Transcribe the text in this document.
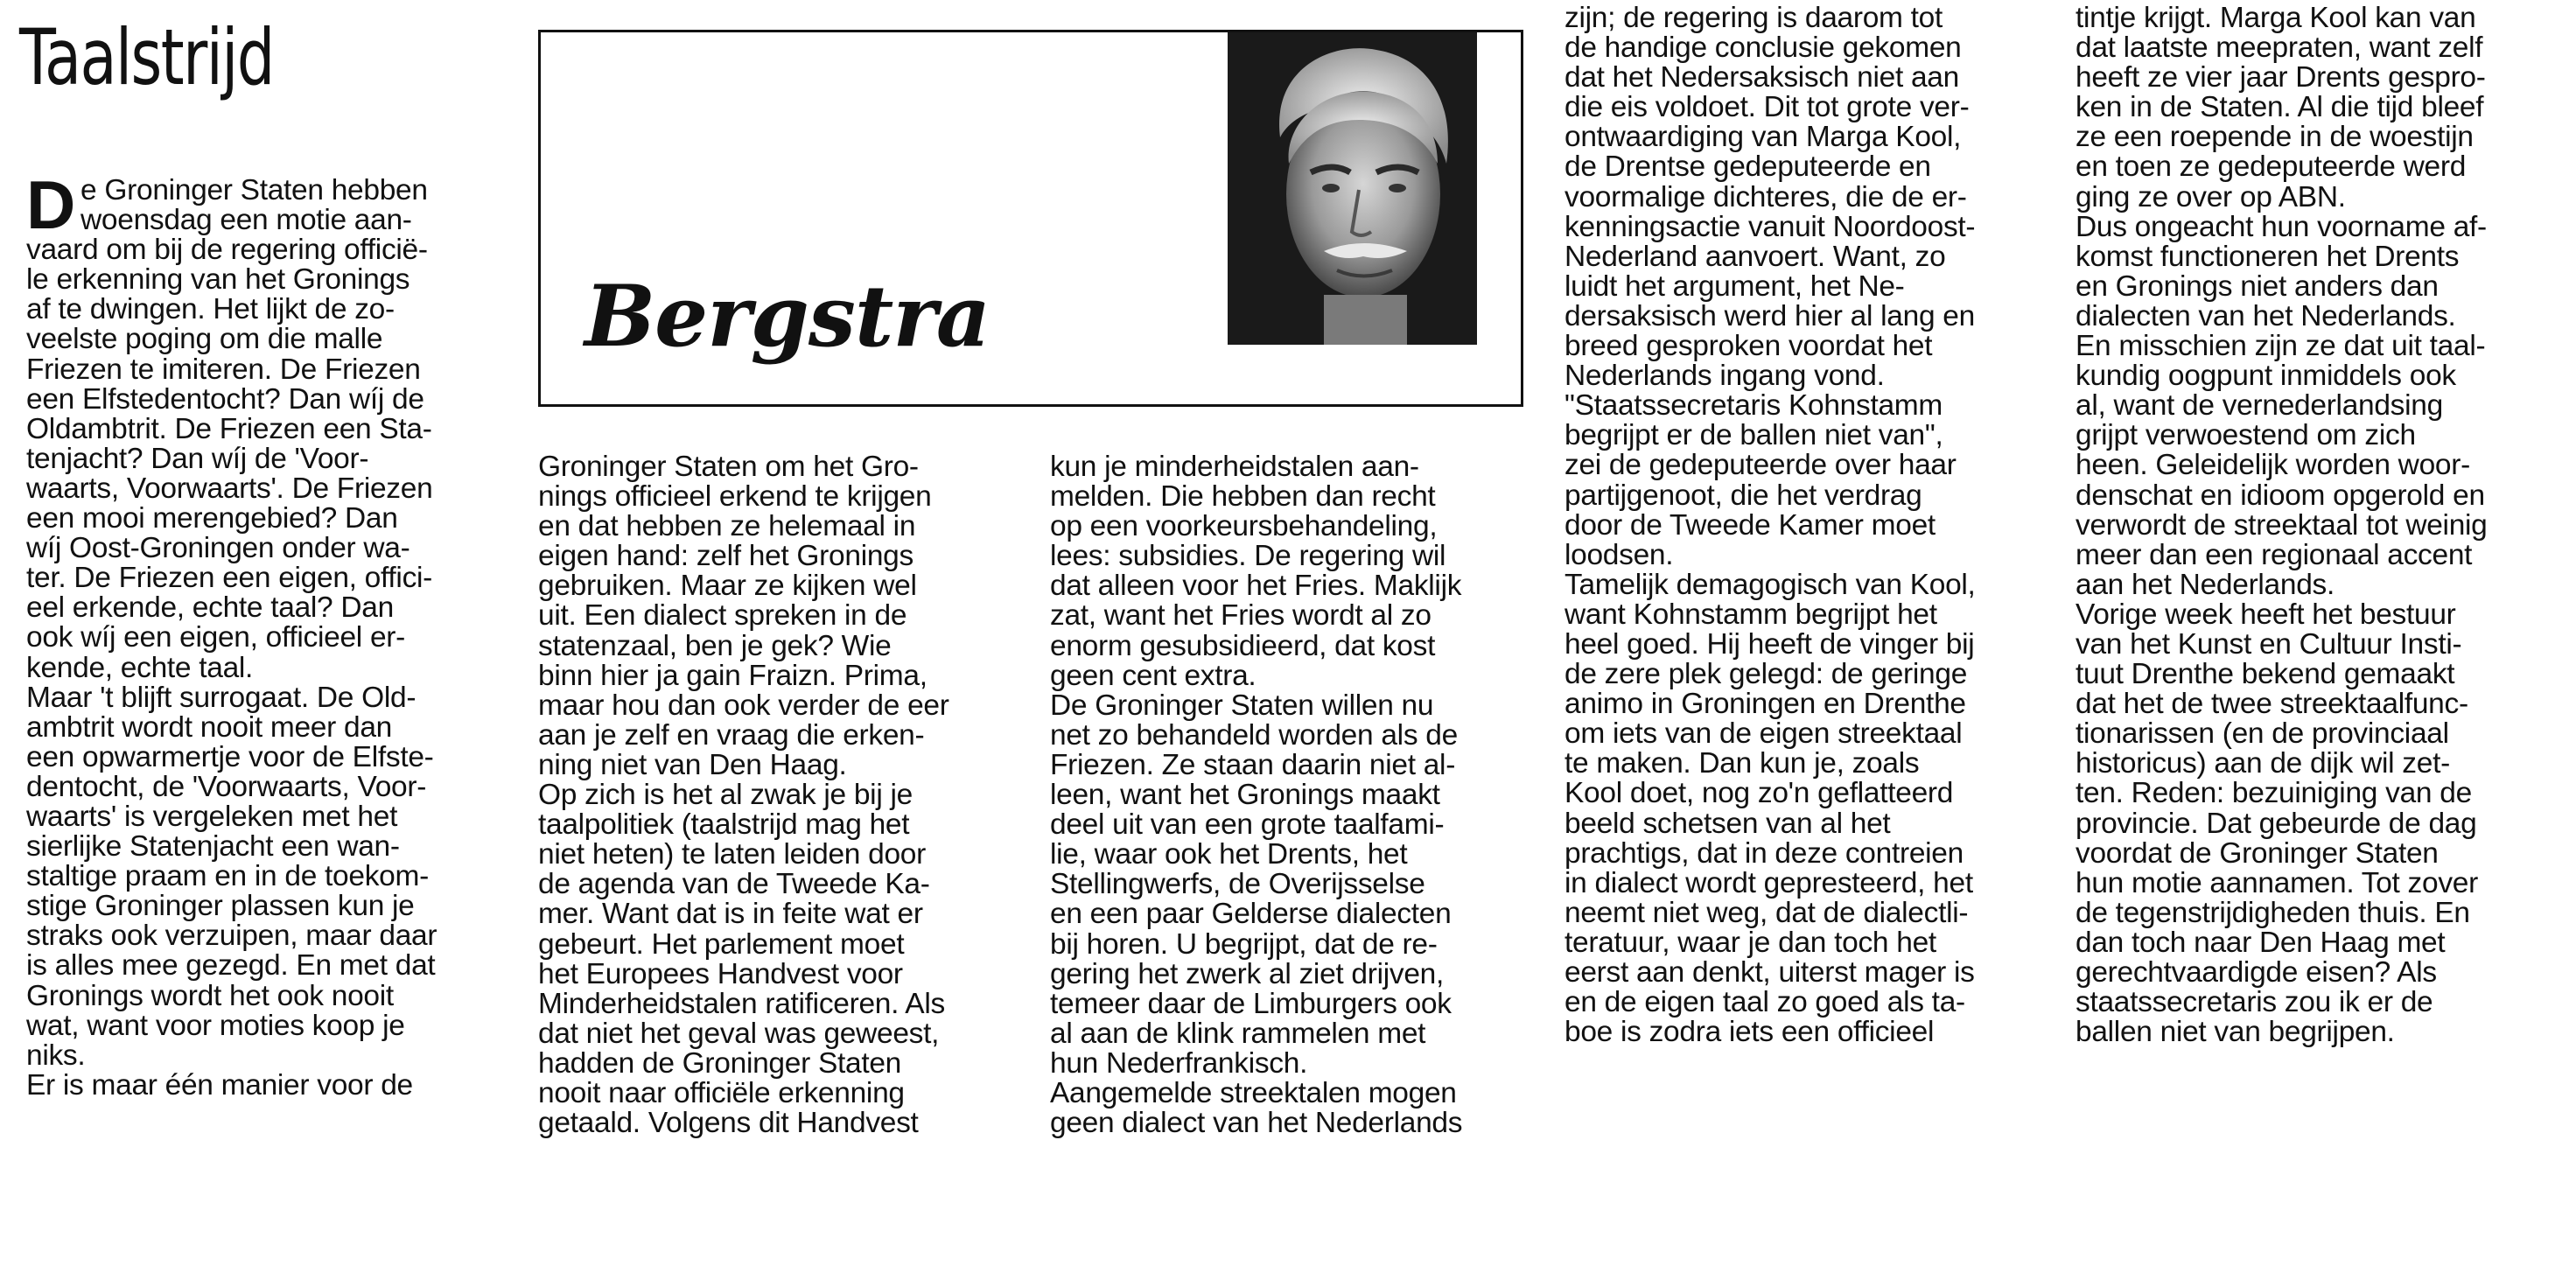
Taalstrijd

Bergstra

D e Groninger Staten hebben
woensdag een motie aan-
vaard om bij de regering officië-
le erkenning van het Gronings
af te dwingen. Het lijkt de zo-
veelste poging om die malle
Friezen te imiteren. De Friezen
een Elfstedentocht? Dan wíj de
Oldambtrit. De Friezen een Sta-
tenjacht? Dan wíj de 'Voor-
waarts, Voorwaarts'. De Friezen
een mooi merengebied? Dan
wíj Oost-Groningen onder wa-
ter. De Friezen een eigen, offici-
eel erkende, echte taal? Dan
ook wíj een eigen, officieel er-
kende, echte taal.
Maar 't blijft surrogaat. De Old-
ambtrit wordt nooit meer dan
een opwarmertje voor de Elfste-
dentocht, de 'Voorwaarts, Voor-
waarts' is vergeleken met het
sierlijke Statenjacht een wan-
staltige praam en in de toekom-
stige Groninger plassen kun je
straks ook verzuipen, maar daar
is alles mee gezegd. En met dat
Gronings wordt het ook nooit
wat, want voor moties koop je
niks.
Er is maar één manier voor de
Groninger Staten om het Gro-
nings officieel erkend te krijgen
en dat hebben ze helemaal in
eigen hand: zelf het Gronings
gebruiken. Maar ze kijken wel
uit. Een dialect spreken in de
statenzaal, ben je gek? Wie
binn hier ja gain Fraizn. Prima,
maar hou dan ook verder de eer
aan je zelf en vraag die erken-
ning niet van Den Haag.
Op zich is het al zwak je bij je
taalpolitiek (taalstrijd mag het
niet heten) te laten leiden door
de agenda van de Tweede Ka-
mer. Want dat is in feite wat er
gebeurt. Het parlement moet
het Europees Handvest voor
Minderheidstalen ratificeren. Als
dat niet het geval was geweest,
hadden de Groninger Staten
nooit naar officiële erkenning
getaald. Volgens dit Handvest
kun je minderheidstalen aan-
melden. Die hebben dan recht
op een voorkeursbehandeling,
lees: subsidies. De regering wil
dat alleen voor het Fries. Maklijk
zat, want het Fries wordt al zo
enorm gesubsidieerd, dat kost
geen cent extra.
De Groninger Staten willen nu
net zo behandeld worden als de
Friezen. Ze staan daarin niet al-
leen, want het Gronings maakt
deel uit van een grote taalfami-
lie, waar ook het Drents, het
Stellingwerfs, de Overijsselse
en een paar Gelderse dialecten
bij horen. U begrijpt, dat de re-
gering het zwerk al ziet drijven,
temeer daar de Limburgers ook
al aan de klink rammelen met
hun Nederfrankisch.
Aangemelde streektalen mogen
geen dialect van het Nederlands
zijn; de regering is daarom tot
de handige conclusie gekomen
dat het Nedersaksisch niet aan
die eis voldoet. Dit tot grote ver-
ontwaardiging van Marga Kool,
de Drentse gedeputeerde en
voormalige dichteres, die de er-
kenningsactie vanuit Noordoost-
Nederland aanvoert. Want, zo
luidt het argument, het Ne-
dersaksisch werd hier al lang en
breed gesproken voordat het
Nederlands ingang vond.
"Staatssecretaris Kohnstamm
begrijpt er de ballen niet van",
zei de gedeputeerde over haar
partijgenoot, die het verdrag
door de Tweede Kamer moet
loodsen.
Tamelijk demagogisch van Kool,
want Kohnstamm begrijpt het
heel goed. Hij heeft de vinger bij
de zere plek gelegd: de geringe
animo in Groningen en Drenthe
om iets van de eigen streektaal
te maken. Dan kun je, zoals
Kool doet, nog zo'n geflatteerd
beeld schetsen van al het
prachtigs, dat in deze contreien
in dialect wordt gepresteerd, het
neemt niet weg, dat de dialectli-
teratuur, waar je dan toch het
eerst aan denkt, uiterst mager is
en de eigen taal zo goed als ta-
boe is zodra iets een officieel
tintje krijgt. Marga Kool kan van
dat laatste meepraten, want zelf
heeft ze vier jaar Drents gespro-
ken in de Staten. Al die tijd bleef
ze een roepende in de woestijn
en toen ze gedeputeerde werd
ging ze over op ABN.
Dus ongeacht hun voorname af-
komst functioneren het Drents
en Gronings niet anders dan
dialecten van het Nederlands.
En misschien zijn ze dat uit taal-
kundig oogpunt inmiddels ook
al, want de vernederlandsing
grijpt verwoestend om zich
heen. Geleidelijk worden woor-
denschat en idioom opgerold en
verwordt de streektaal tot weinig
meer dan een regionaal accent
aan het Nederlands.
Vorige week heeft het bestuur
van het Kunst en Cultuur Insti-
tuut Drenthe bekend gemaakt
dat het de twee streektaalfunc-
tionarissen (en de provinciaal
historicus) aan de dijk wil zet-
ten. Reden: bezuiniging van de
provincie. Dat gebeurde de dag
voordat de Groninger Staten
hun motie aannamen. Tot zover
de tegenstrijdigheden thuis. En
dan toch naar Den Haag met
gerechtvaardigde eisen? Als
staatssecretaris zou ik er de
ballen niet van begrijpen.
